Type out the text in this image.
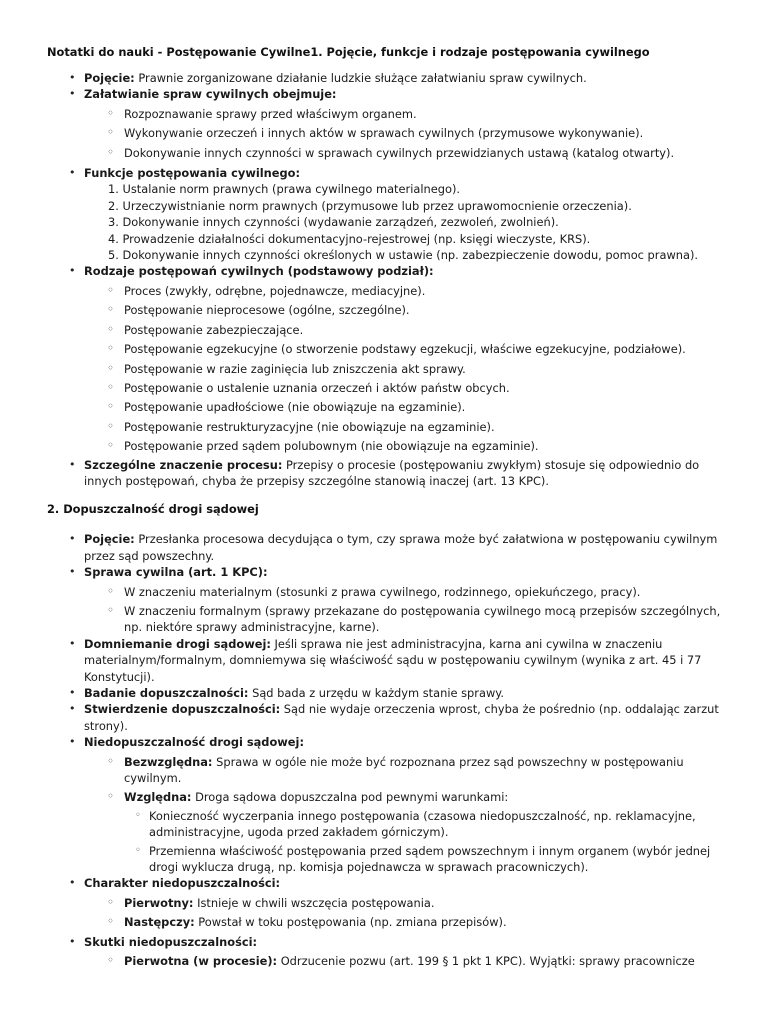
Notatki do nauki - Postępowanie Cywilne1. Pojęcie, funkcje i rodzaje postępowania cywilnego
• Pojęcie: Prawnie zorganizowane działanie ludzkie służące załatwianiu spraw cywilnych.
• Załatwianie spraw cywilnych obejmuje:
◦ Rozpoznawanie sprawy przed właściwym organem.
◦ Wykonywanie orzeczeń i innych aktów w sprawach cywilnych (przymusowe wykonywanie).
◦ Dokonywanie innych czynności w sprawach cywilnych przewidzianych ustawą (katalog otwarty).
• Funkcje postępowania cywilnego:
1. Ustalanie norm prawnych (prawa cywilnego materialnego).
2. Urzeczywistnianie norm prawnych (przymusowe lub przez uprawomocnienie orzeczenia).
3. Dokonywanie innych czynności (wydawanie zarządzeń, zezwoleń, zwolnień).
4. Prowadzenie działalności dokumentacyjno-rejestrowej (np. księgi wieczyste, KRS).
5. Dokonywanie innych czynności określonych w ustawie (np. zabezpieczenie dowodu, pomoc prawna).
• Rodzaje postępowań cywilnych (podstawowy podział):
◦ Proces (zwykły, odrębne, pojednawcze, mediacyjne).
◦ Postępowanie nieprocesowe (ogólne, szczególne).
◦ Postępowanie zabezpieczające.
◦ Postępowanie egzekucyjne (o stworzenie podstawy egzekucji, właściwe egzekucyjne, podziałowe).
◦ Postępowanie w razie zaginięcia lub zniszczenia akt sprawy.
◦ Postępowanie o ustalenie uznania orzeczeń i aktów państw obcych.
◦ Postępowanie upadłościowe (nie obowiązuje na egzaminie).
◦ Postępowanie restrukturyzacyjne (nie obowiązuje na egzaminie).
◦ Postępowanie przed sądem polubownym (nie obowiązuje na egzaminie).
• Szczególne znaczenie procesu: Przepisy o procesie (postępowaniu zwykłym) stosuje się odpowiednio do innych postępowań, chyba że przepisy szczególne stanowią inaczej (art. 13 KPC).
2. Dopuszczalność drogi sądowej
• Pojęcie: Przesłanka procesowa decydująca o tym, czy sprawa może być załatwiona w postępowaniu cywilnym przez sąd powszechny.
• Sprawa cywilna (art. 1 KPC):
◦ W znaczeniu materialnym (stosunki z prawa cywilnego, rodzinnego, opiekuńczego, pracy).
◦ W znaczeniu formalnym (sprawy przekazane do postępowania cywilnego mocą przepisów szczególnych, np. niektóre sprawy administracyjne, karne).
• Domniemanie drogi sądowej: Jeśli sprawa nie jest administracyjna, karna ani cywilna w znaczeniu materialnym/formalnym, domniemywa się właściwość sądu w postępowaniu cywilnym (wynika z art. 45 i 77 Konstytucji).
• Badanie dopuszczalności: Sąd bada z urzędu w każdym stanie sprawy.
• Stwierdzenie dopuszczalności: Sąd nie wydaje orzeczenia wprost, chyba że pośrednio (np. oddalając zarzut strony).
• Niedopuszczalność drogi sądowej:
◦ Bezwzględna: Sprawa w ogóle nie może być rozpoznana przez sąd powszechny w postępowaniu cywilnym.
◦ Względna: Droga sądowa dopuszczalna pod pewnymi warunkami:
◦ Konieczność wyczerpania innego postępowania (czasowa niedopuszczalność, np. reklamacyjne, administracyjne, ugoda przed zakładem górniczym).
◦ Przemienna właściwość postępowania przed sądem powszechnym i innym organem (wybór jednej drogi wyklucza drugą, np. komisja pojednawcza w sprawach pracowniczych).
• Charakter niedopuszczalności:
◦ Pierwotny: Istnieje w chwili wszczęcia postępowania.
◦ Następczy: Powstał w toku postępowania (np. zmiana przepisów).
• Skutki niedopuszczalności:
◦ Pierwotna (w procesie): Odrzucenie pozwu (art. 199 § 1 pkt 1 KPC). Wyjątki: sprawy pracownicze
